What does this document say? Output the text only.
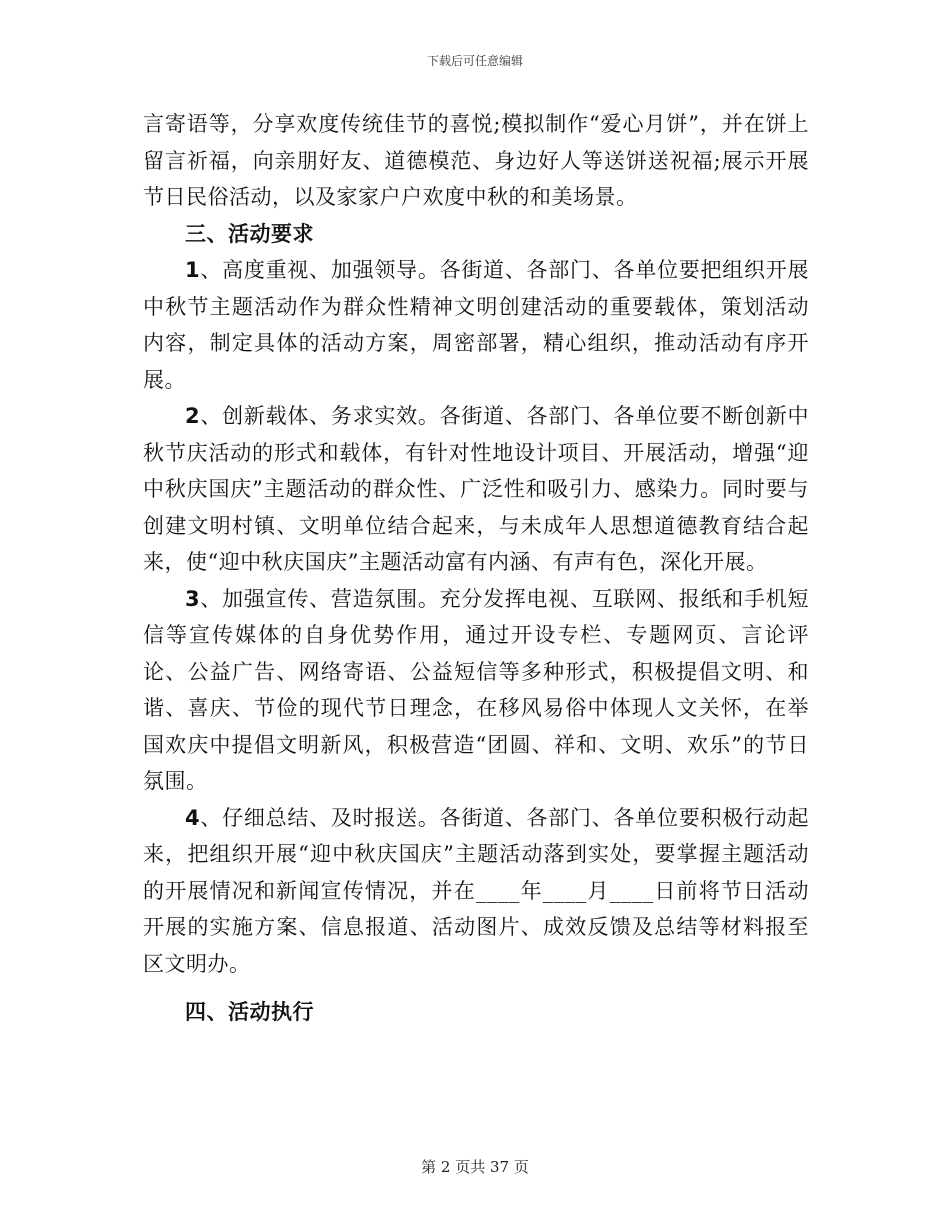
下载后可任意编辑

言寄语等，分享欢度传统佳节的喜悦;模拟制作“爱心月饼”，并在饼上留言祈福，向亲朋好友、道德模范、身边好人等送饼送祝福;展示开展节日民俗活动，以及家家户户欢度中秋的和美场景。

三、活动要求

1、高度重视、加强领导。各街道、各部门、各单位要把组织开展中秋节主题活动作为群众性精神文明创建活动的重要载体，策划活动内容，制定具体的活动方案，周密部署，精心组织，推动活动有序开展。

2、创新载体、务求实效。各街道、各部门、各单位要不断创新中秋节庆活动的形式和载体，有针对性地设计项目、开展活动，增强“迎中秋庆国庆”主题活动的群众性、广泛性和吸引力、感染力。同时要与创建文明村镇、文明单位结合起来，与未成年人思想道德教育结合起来，使“迎中秋庆国庆”主题活动富有内涵、有声有色，深化开展。

3、加强宣传、营造氛围。充分发挥电视、互联网、报纸和手机短信等宣传媒体的自身优势作用，通过开设专栏、专题网页、言论评论、公益广告、网络寄语、公益短信等多种形式，积极提倡文明、和谐、喜庆、节俭的现代节日理念，在移风易俗中体现人文关怀，在举国欢庆中提倡文明新风，积极营造“团圆、祥和、文明、欢乐”的节日氛围。

4、仔细总结、及时报送。各街道、各部门、各单位要积极行动起来，把组织开展“迎中秋庆国庆”主题活动落到实处，要掌握主题活动的开展情况和新闻宣传情况，并在____年____月____日前将节日活动开展的实施方案、信息报道、活动图片、成效反馈及总结等材料报至区文明办。

四、活动执行

第 2 页共 37 页
